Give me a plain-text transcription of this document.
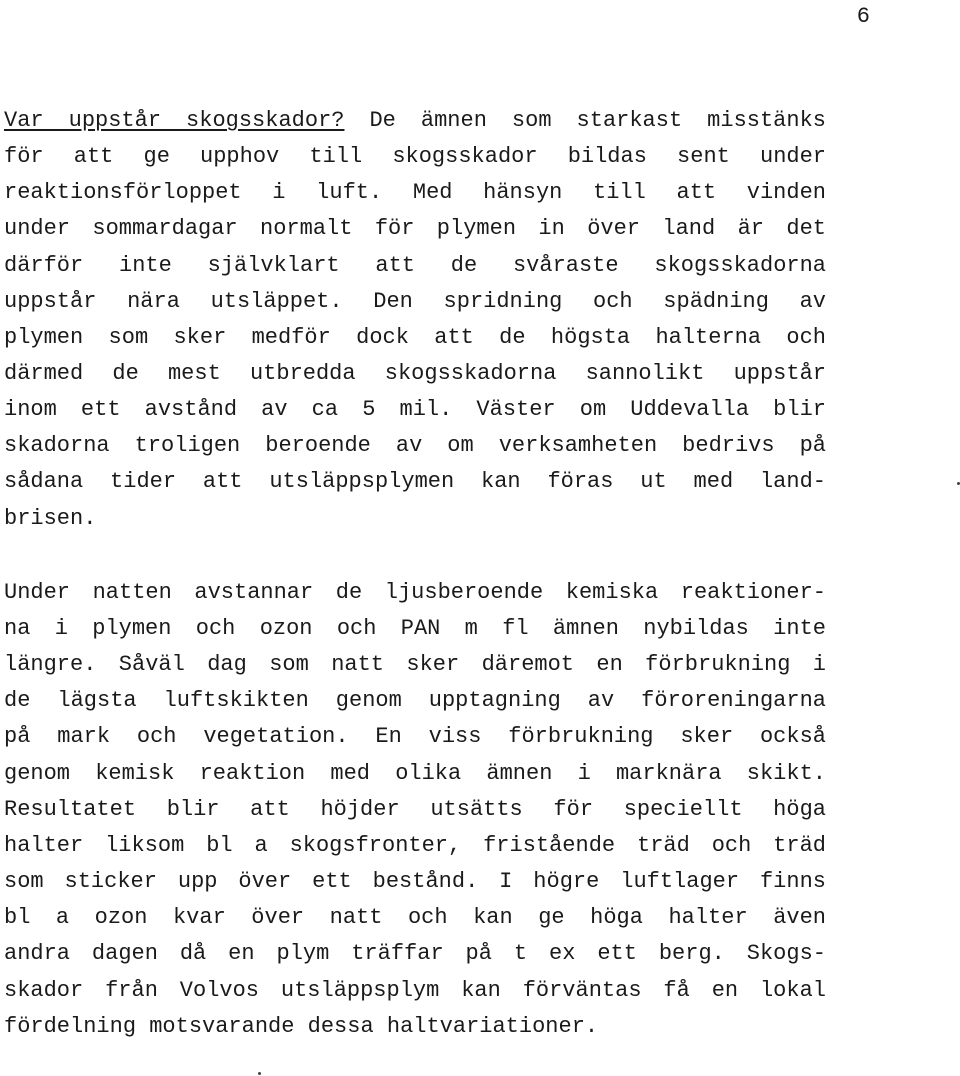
6
Var uppstår skogsskador? De ämnen som starkast misstänks
för att ge upphov till skogsskador bildas sent under
reaktionsförloppet i luft. Med hänsyn till att vinden
under sommardagar normalt för plymen in över land är det
därför inte självklart att de svåraste skogsskadorna
uppstår nära utsläppet. Den spridning och spädning av
plymen som sker medför dock att de högsta halterna och
därmed de mest utbredda skogsskadorna sannolikt uppstår
inom ett avstånd av ca 5 mil. Väster om Uddevalla blir
skadorna troligen beroende av om verksamheten bedrivs på
sådana tider att utsläppsplymen kan föras ut med land-
brisen.
Under natten avstannar de ljusberoende kemiska reaktioner-
na i plymen och ozon och PAN m fl ämnen nybildas inte
längre. Såväl dag som natt sker däremot en förbrukning i
de lägsta luftskikten genom upptagning av föroreningarna
på mark och vegetation. En viss förbrukning sker också
genom kemisk reaktion med olika ämnen i marknära skikt.
Resultatet blir att höjder utsätts för speciellt höga
halter liksom bl a skogsfronter, fristående träd och träd
som sticker upp över ett bestånd. I högre luftlager finns
bl a ozon kvar över natt och kan ge höga halter även
andra dagen då en plym träffar på t ex ett berg. Skogs-
skador från Volvos utsläppsplym kan förväntas få en lokal
fördelning motsvarande dessa haltvariationer.
